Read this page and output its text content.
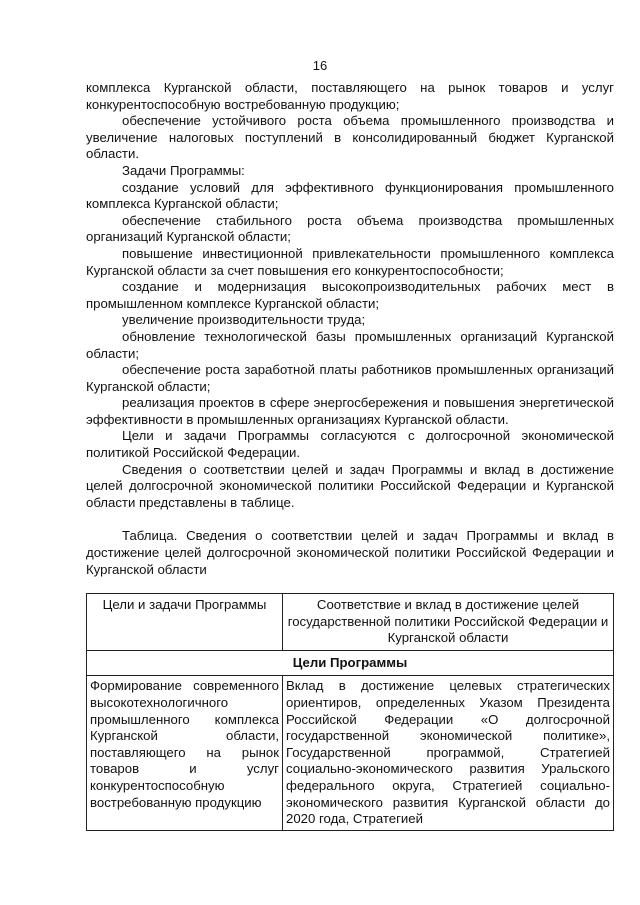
16

комплекса Курганской области, поставляющего на рынок товаров и услуг конкурентоспособную востребованную продукцию;

обеспечение устойчивого роста объема промышленного производства и увеличение налоговых поступлений в консолидированный бюджет Курганской области.

Задачи Программы:

создание условий для эффективного функционирования промышленного комплекса Курганской области;

обеспечение стабильного роста объема производства промышленных организаций Курганской области;

повышение инвестиционной привлекательности промышленного комплекса Курганской области за счет повышения его конкурентоспособности;

создание и модернизация высокопроизводительных рабочих мест в промышленном комплексе Курганской области;

увеличение производительности труда;

обновление технологической базы промышленных организаций Курганской области;

обеспечение роста заработной платы работников промышленных организаций Курганской области;

реализация проектов в сфере энергосбережения и повышения энергетической эффективности в промышленных организациях Курганской области.

Цели и задачи Программы согласуются с долгосрочной экономической политикой Российской Федерации.

Сведения о соответствии целей и задач Программы и вклад в достижение целей долгосрочной экономической политики Российской Федерации и Курганской области представлены в таблице.

Таблица. Сведения о соответствии целей и задач Программы и вклад в достижение целей долгосрочной экономической политики Российской Федерации и Курганской области

Цели и задачи Программы	Соответствие и вклад в достижение целей государственной политики Российской Федерации и Курганской области
Цели Программы	
Формирование современного высокотехнологичного промышленного комплекса Курганской области, поставляющего на рынок товаров и услуг конкурентоспособную востребованную продукцию	Вклад в достижение целевых стратегических ориентиров, определенных Указом Президента Российской Федерации «О долгосрочной государственной экономической политике», Государственной программой, Стратегией социально-экономического развития Уральского федерального округа, Стратегией социально-экономического развития Курганской области до 2020 года, Стратегией
